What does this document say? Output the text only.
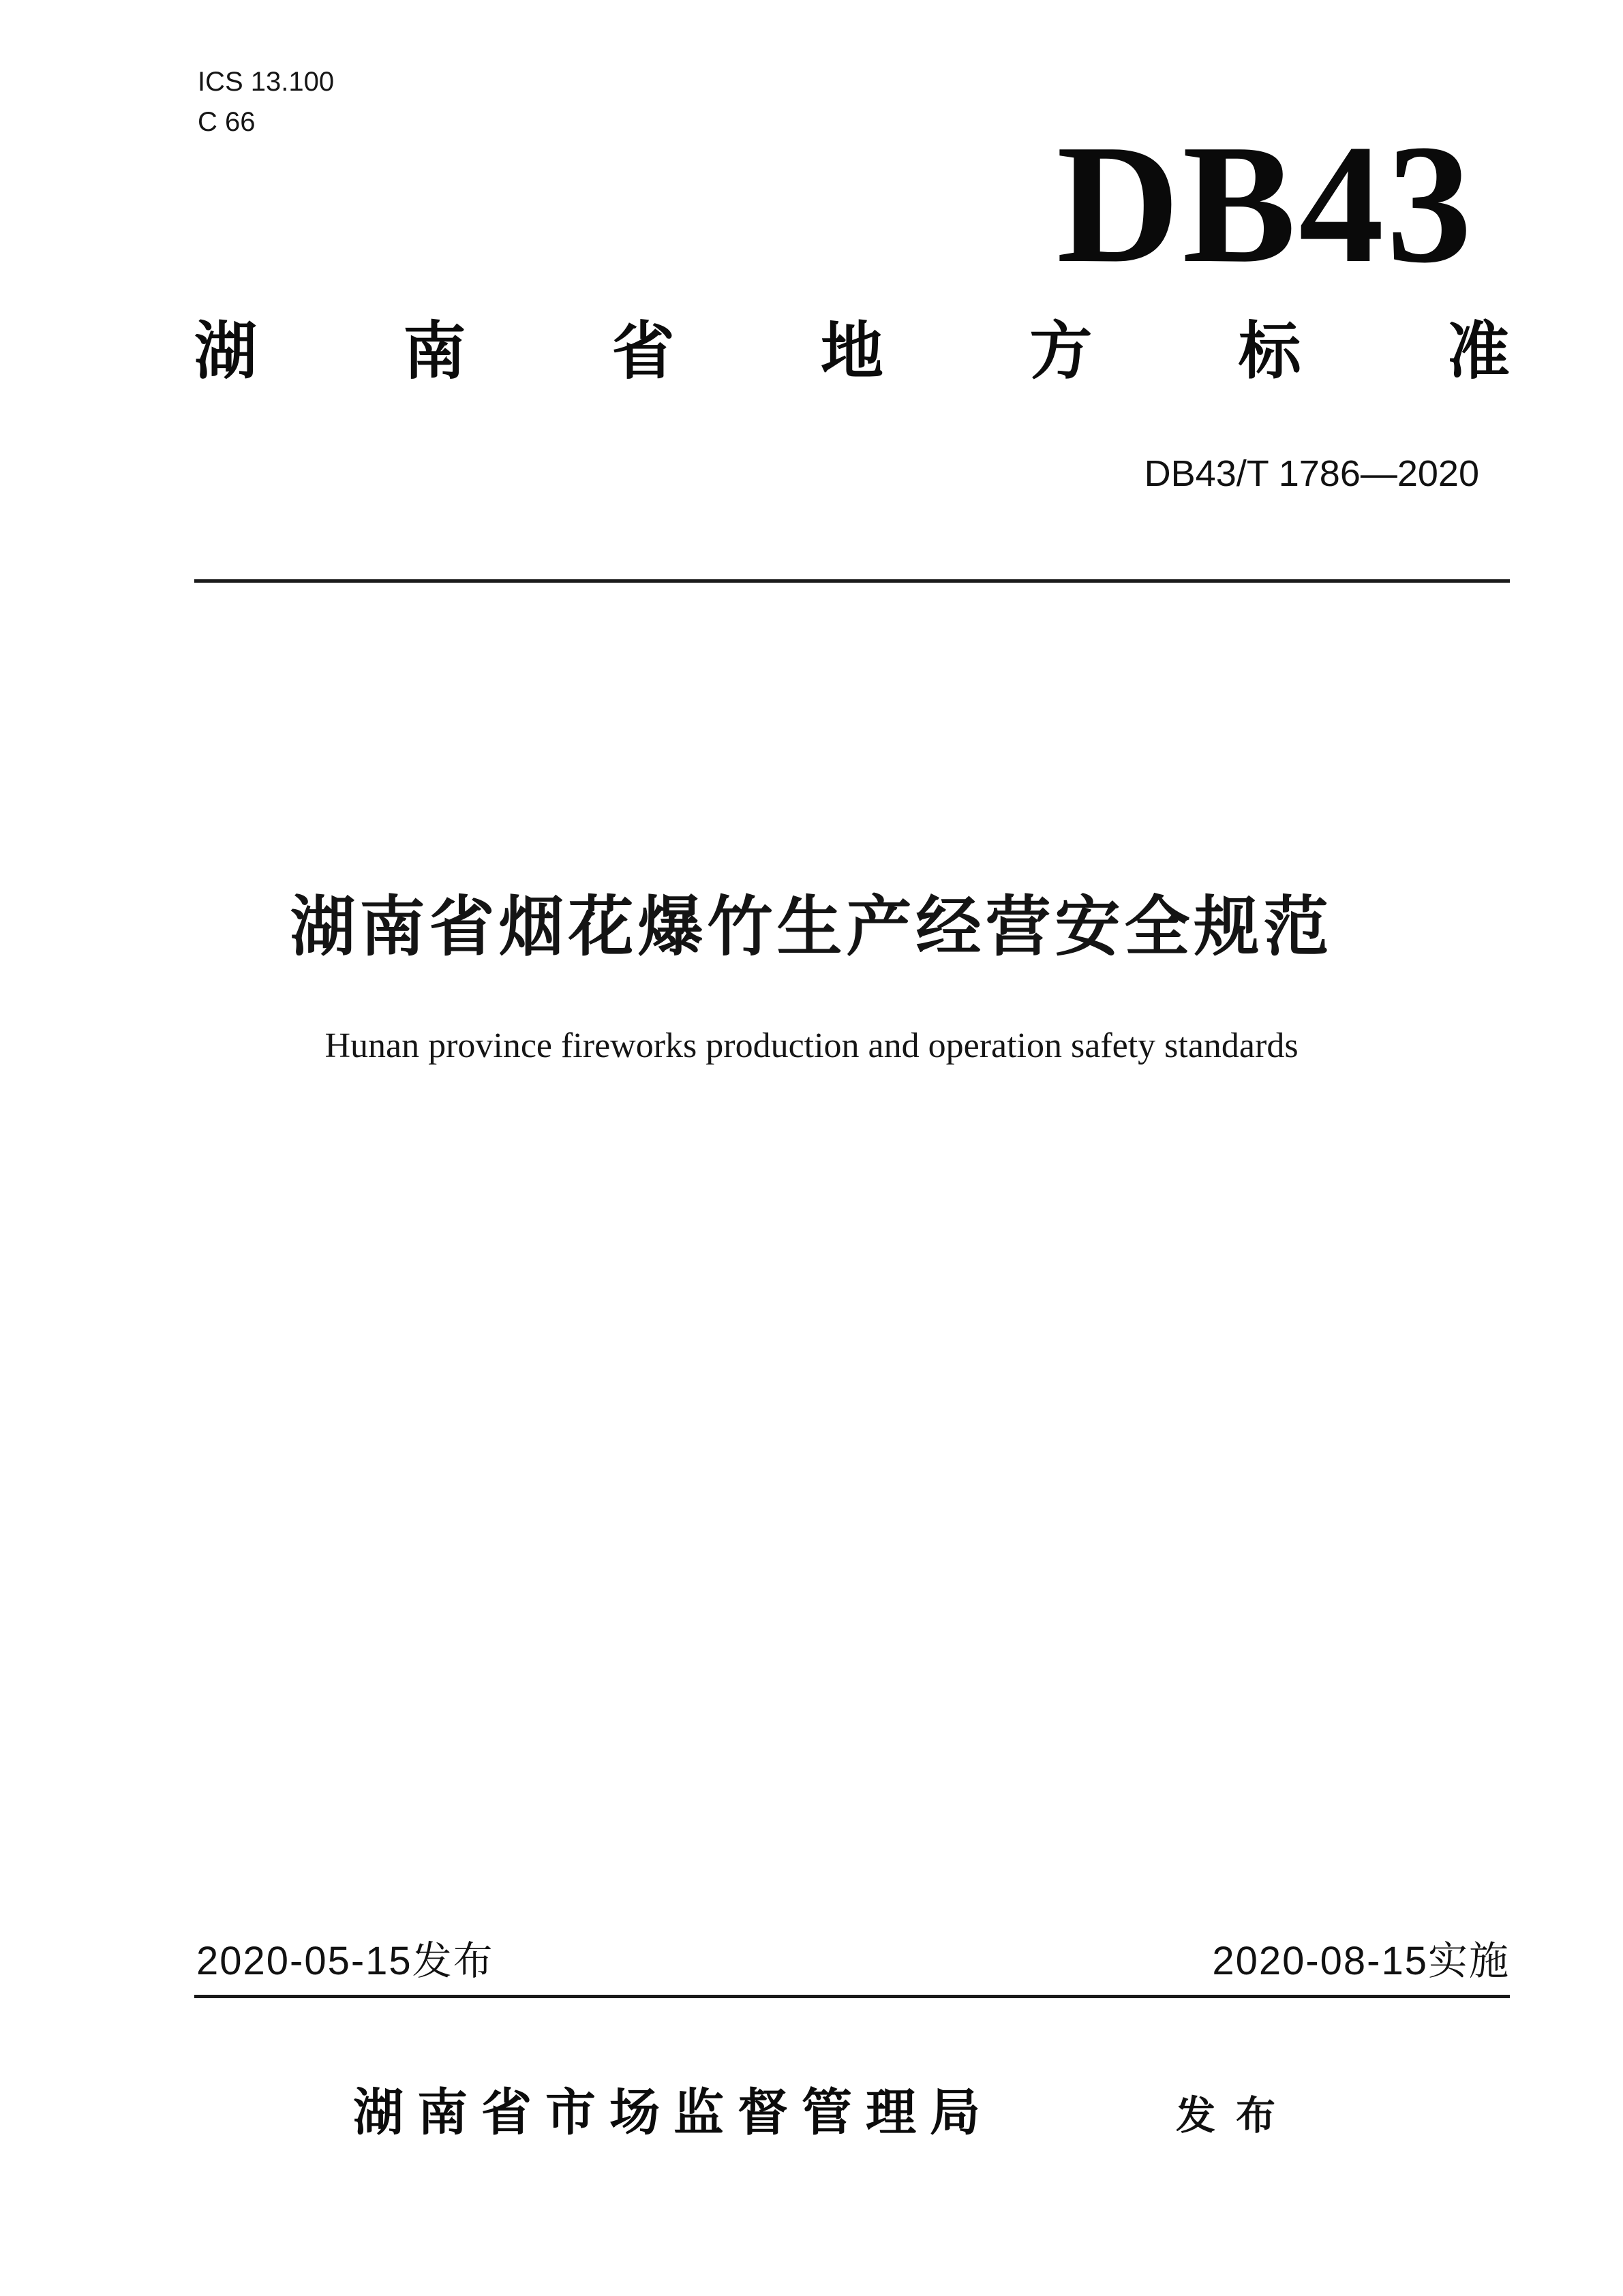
ICS 13.100
C 66	DB43
湖 南 省 地 方 标 准
DB43/T 1786—2020
湖南省烟花爆竹生产经营安全规范
Hunan province fireworks production and operation safety standards
2020-05-15发布	2020-08-15实施
湖南省市场监督管理局	发布
